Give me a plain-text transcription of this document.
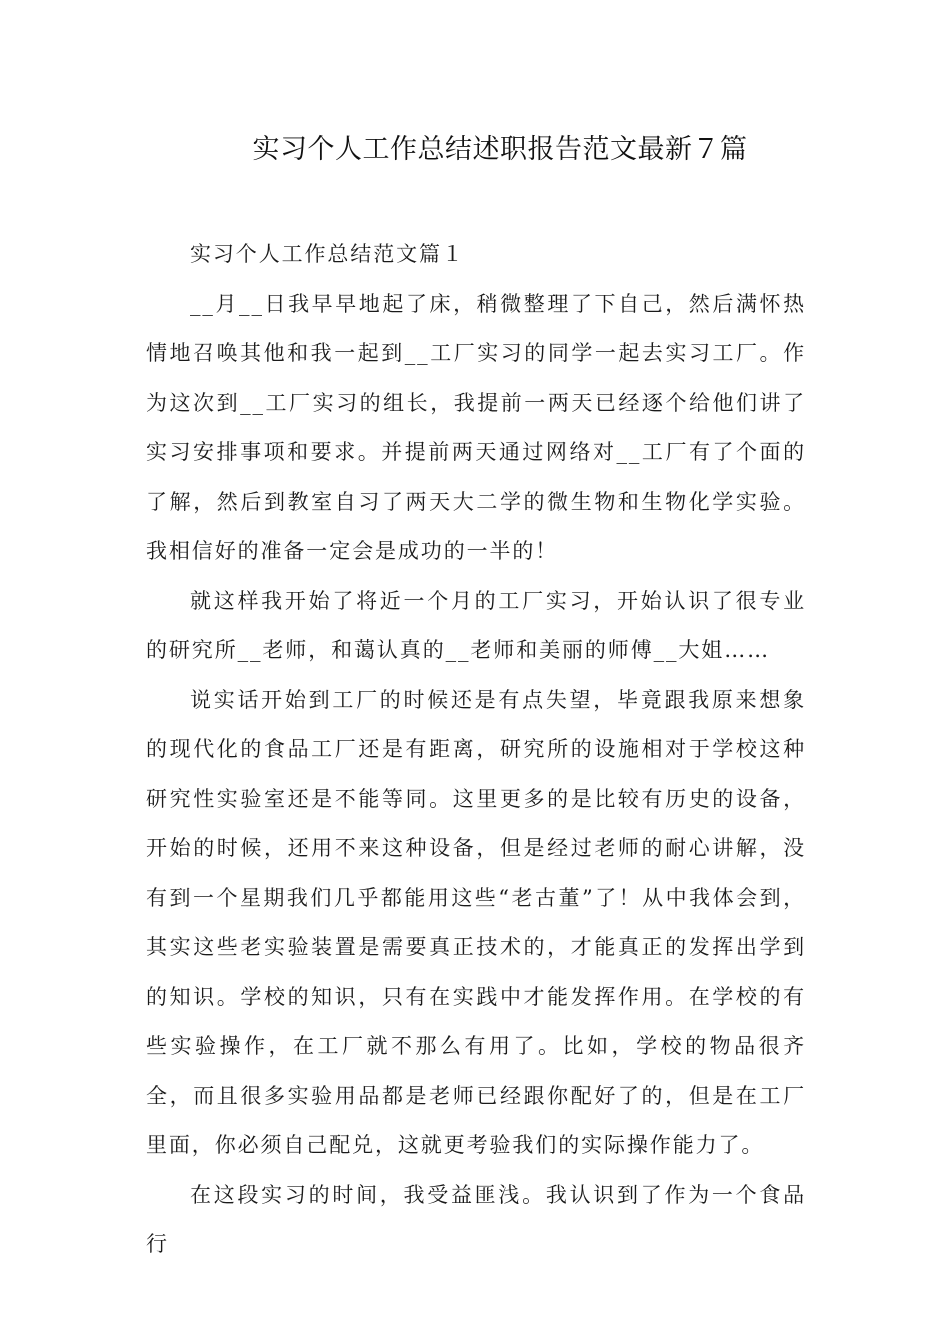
实习个人工作总结述职报告范文最新７篇

实习个人工作总结范文篇１

__月__日我早早地起了床，稍微整理了下自己，然后满怀热情地召唤其他和我一起到__工厂实习的同学一起去实习工厂。作为这次到__工厂实习的组长，我提前一两天已经逐个给他们讲了实习安排事项和要求。并提前两天通过网络对__工厂有了个面的了解，然后到教室自习了两天大二学的微生物和生物化学实验。我相信好的准备一定会是成功的一半的！

就这样我开始了将近一个月的工厂实习，开始认识了很专业的研究所__老师，和蔼认真的__老师和美丽的师傅__大姐……

说实话开始到工厂的时候还是有点失望，毕竟跟我原来想象的现代化的食品工厂还是有距离，研究所的设施相对于学校这种研究性实验室还是不能等同。这里更多的是比较有历史的设备，开始的时候，还用不来这种设备，但是经过老师的耐心讲解，没有到一个星期我们几乎都能用这些“老古董”了！从中我体会到，其实这些老实验装置是需要真正技术的，才能真正的发挥出学到的知识。学校的知识，只有在实践中才能发挥作用。在学校的有些实验操作，在工厂就不那么有用了。比如，学校的物品很齐全，而且很多实验用品都是老师已经跟你配好了的，但是在工厂里面，你必须自己配兑，这就更考验我们的实际操作能力了。

在这段实习的时间，我受益匪浅。我认识到了作为一个食品行
